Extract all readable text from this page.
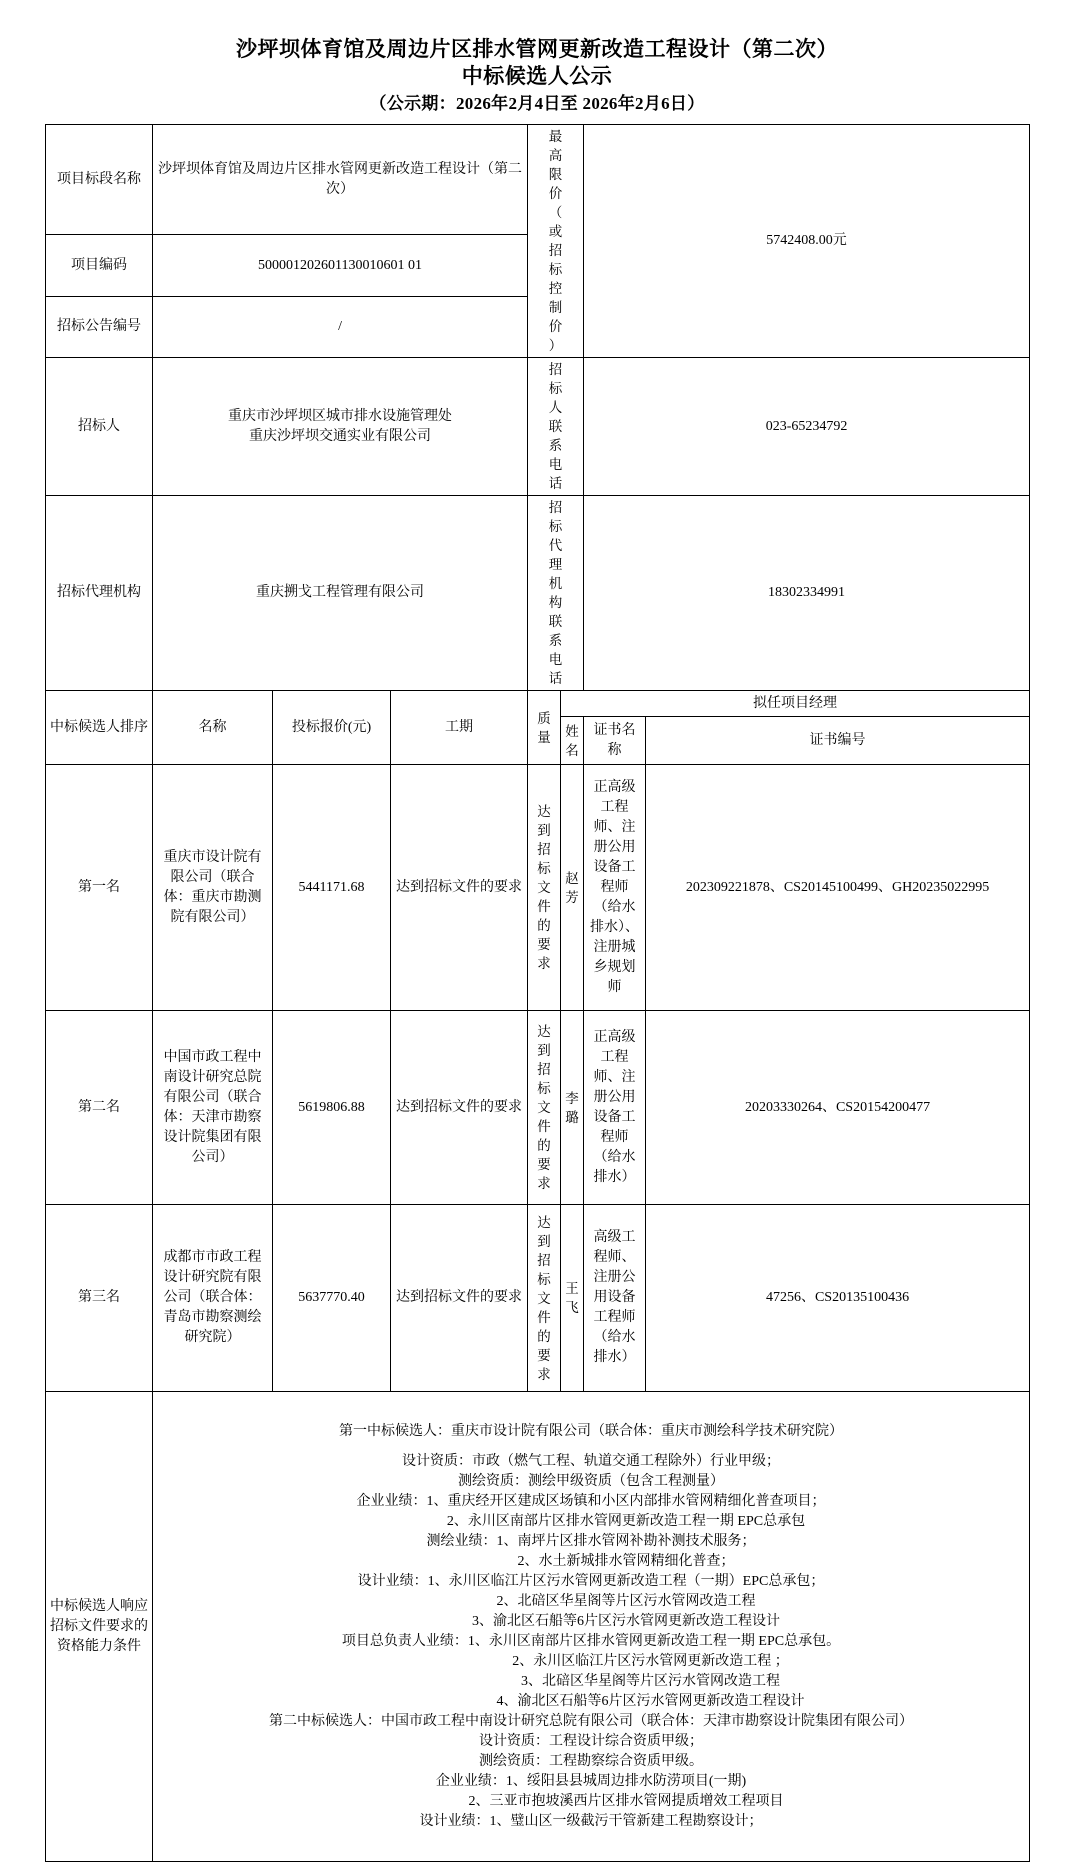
沙坪坝体育馆及周边片区排水管网更新改造工程设计（第二次）
中标候选人公示
（公示期：2026年2月4日至 2026年2月6日）
项目标段名称	沙坪坝体育馆及周边片区排水管网更新改造工程设计（第二次）			最高限价（或招标控制价）		5742408.00元	
项目编码	500001202601130010601 01						
招标公告编号	/						
招标人	重庆市沙坪坝区城市排水设施管理处
重庆沙坪坝交通实业有限公司			招标人联系电话		023-65234792	
招标代理机构	重庆搠戈工程管理有限公司			招标代理机构联系电话		18302334991	
中标候选人排序	名称	投标报价(元)	工期	质量	拟任项目经理		

					姓名	证书名称	证书编号
第一名	重庆市设计院有限公司（联合体：重庆市勘测院有限公司）	5441171.68	达到招标文件的要求	达到招标文件的要求	赵芳	正高级工程师、注册公用设备工程师（给水排水）、注册城乡规划师	202309221878、CS20145100499、GH20235022995
第二名	中国市政工程中南设计研究总院有限公司（联合体：天津市勘察设计院集团有限公司）	5619806.88	达到招标文件的要求	达到招标文件的要求	李璐	正高级工程师、注册公用设备工程师（给水排水）	20203330264、CS20154200477
第三名	成都市市政工程设计研究院有限公司（联合体：青岛市勘察测绘研究院）	5637770.40	达到招标文件的要求	达到招标文件的要求	王飞	高级工程师、注册公用设备工程师（给水排水）	47256、CS20135100436
中标候选人响应招标文件要求的资格能力条件	
第一中标候选人：重庆市设计院有限公司（联合体：重庆市测绘科学技术研究院）
设计资质：市政（燃气工程、轨道交通工程除外）行业甲级；
测绘资质：测绘甲级资质（包含工程测量）
企业业绩：1、重庆经开区建成区场镇和小区内部排水管网精细化普查项目；
2、永川区南部片区排水管网更新改造工程一期 EPC总承包
测绘业绩：1、南坪片区排水管网补勘补测技术服务；
2、水土新城排水管网精细化普查；
设计业绩：1、永川区临江片区污水管网更新改造工程（一期）EPC总承包；
2、北碚区华星阁等片区污水管网改造工程
3、渝北区石船等6片区污水管网更新改造工程设计
项目总负责人业绩：1、永川区南部片区排水管网更新改造工程一期 EPC总承包。
2、永川区临江片区污水管网更新改造工程 ；
3、北碚区华星阁等片区污水管网改造工程
4、渝北区石船等6片区污水管网更新改造工程设计
第二中标候选人：中国市政工程中南设计研究总院有限公司（联合体：天津市勘察设计院集团有限公司）
设计资质：工程设计综合资质甲级；
测绘资质：工程勘察综合资质甲级。
企业业绩：1、绥阳县县城周边排水防涝项目(一期)
2、三亚市抱坡溪西片区排水管网提质增效工程项目
设计业绩：1、璧山区一级截污干管新建工程勘察设计；
